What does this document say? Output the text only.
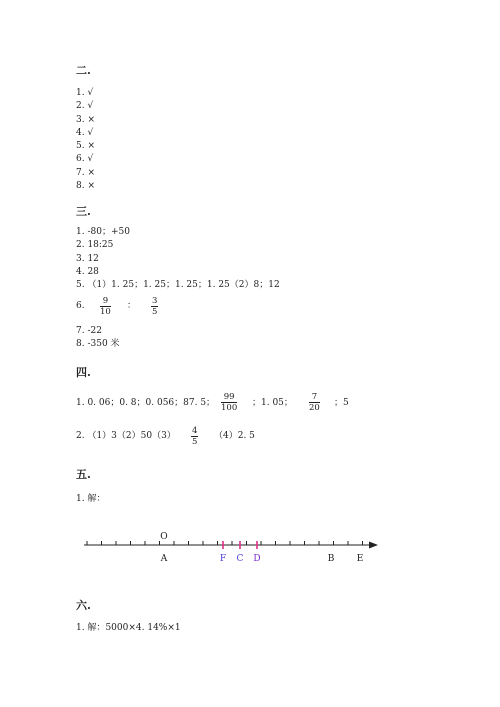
二.
1. √
2. √
3. ×
4. √
5. ×
6. √
7. ×
8. ×
三.
1. -80；+50
2. 18:25
3. 12
4. 28
5. （1）1. 25；1. 25；1. 25；1. 25（2）8；12
6. $\frac{9}{10}$ ： $\frac{3}{5}$
7. -22
8. -350 米
四.
1. 0. 06；0. 8；0. 056；87. 5； $\frac{99}{100}$ ；1. 05； $\frac{7}{20}$ ；5
2. $(1)3(2)50(3) \frac{4}{5} (4)2$. 5
五.
1. 解：
O
A	F C D	B E
六.
1. 解：5000×4. 14%×1
